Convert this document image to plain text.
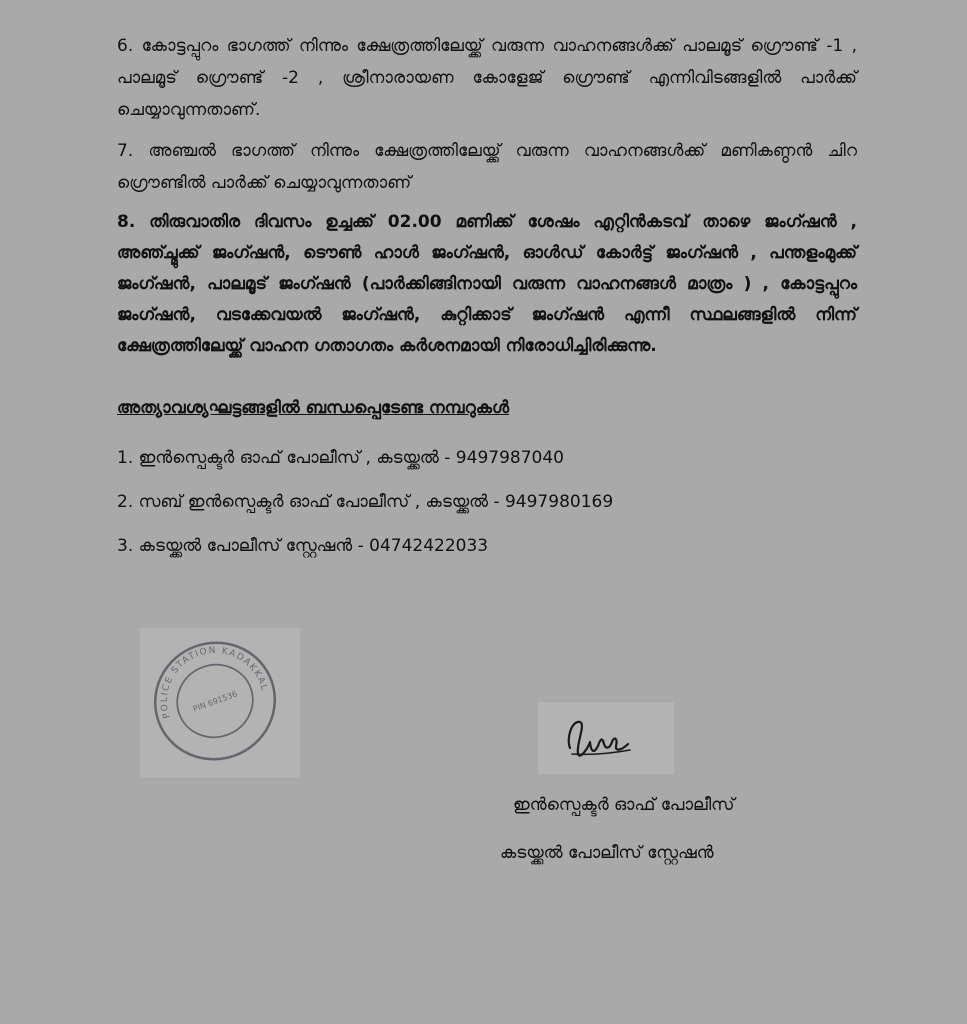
6. കോട്ടപ്പുറം ഭാഗത്ത് നിന്നും ക്ഷേത്രത്തിലേയ്ക്ക് വരുന്ന വാഹനങ്ങൾക്ക് പാലമൂട് ഗ്രൌണ്ട് -1 , പാലമൂട് ഗ്രൌണ്ട് -2 , ശ്രീനാരായണ കോളേജ് ഗ്രൌണ്ട് എന്നിവിടങ്ങളിൽ പാർക്ക് ചെയ്യാവുന്നതാണ്.
7. അഞ്ചൽ ഭാഗത്ത് നിന്നും ക്ഷേത്രത്തിലേയ്ക്ക് വരുന്ന വാഹനങ്ങൾക്ക് മണികണ്ഠൻ ചിറ ഗ്രൌണ്ടിൽ പാർക്ക് ചെയ്യാവുന്നതാണ്
8. തിരുവാതിര ദിവസം ഉച്ചക്ക് 02.00 മണിക്ക് ശേഷം എറ്റിൻകടവ് താഴെ ജംഗ്ഷൻ , അഞ്ച്മുക്ക് ജംഗ്ഷൻ, ടൌൺ ഹാൾ ജംഗ്ഷൻ, ഓൾഡ് കോർട്ട് ജംഗ്ഷൻ , പന്തളംമുക്ക് ജംഗ്ഷൻ, പാലമൂട് ജംഗ്ഷൻ (പാർക്കിങ്ങിനായി വരുന്ന വാഹനങ്ങൾ മാത്രം ) , കോട്ടപ്പുറം ജംഗ്ഷൻ, വടക്കേവയൽ ജംഗ്ഷൻ, കുറ്റിക്കാട് ജംഗ്ഷൻ എന്നീ സ്ഥലങ്ങളിൽ നിന്ന് ക്ഷേത്രത്തിലേയ്ക്ക് വാഹന ഗതാഗതം കർശനമായി നിരോധിച്ചിരിക്കുന്നു.
അത്യാവശ്യഘട്ടങ്ങളിൽ ബന്ധപ്പെടേണ്ട നമ്പറുകൾ
1. ഇൻസ്പെക്ടർ ഓഫ് പോലീസ് , കടയ്ക്കൽ - 9497987040
2. സബ് ഇൻസ്പെക്ടർ ഓഫ് പോലീസ് , കടയ്ക്കൽ - 9497980169
3. കടയ്ക്കൽ പോലീസ് സ്റ്റേഷൻ - 04742422033
POLICE STATION KADAKKAL
PIN 691536
ഇൻസ്പെക്ടർ ഓഫ് പോലീസ്
കടയ്ക്കൽ പോലീസ് സ്റ്റേഷൻ
